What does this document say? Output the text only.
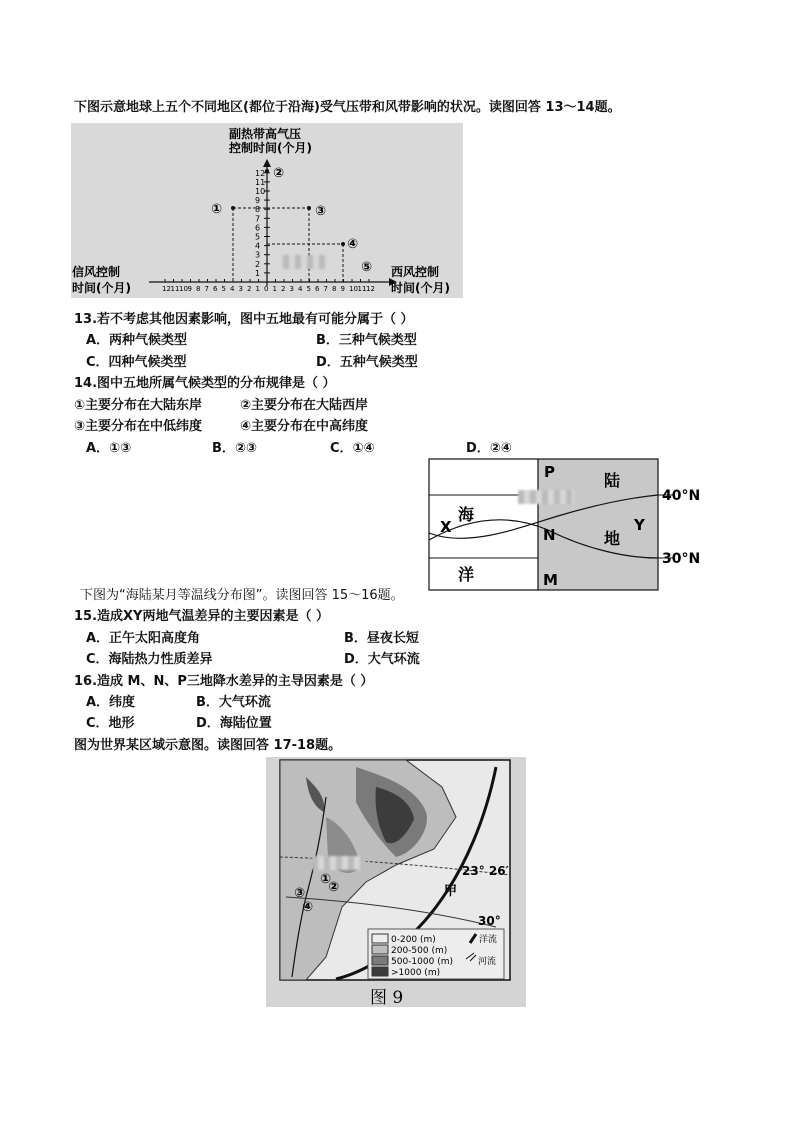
下图示意地球上五个不同地区(都位于沿海)受气压带和风带影响的状况。读图回答 13～14题。
12
11
10
9
8
7
6
5
4
3
2
1
12 11 10 9 8 7 6 5 4 3 2 1 0 1 2 3 4 5 6 7 8 9 10 11 12
①
②
③
④
⑤
副热带高气压
控制时间(个月)
信风控制
时间(个月)
西风控制
时间(个月)
13.若不考虑其他因素影响，图中五地最有可能分属于（ ）
A．两种气候类型	B．三种气候类型
C．四种气候类型	D．五种气候类型
14.图中五地所属气候类型的分布规律是（ ）
①主要分布在大陆东岸	②主要分布在大陆西岸
③主要分布在中低纬度	④主要分布在中高纬度
A．①③	B．②③	C．①④	D．②④
P
N
M
X	Y
海
洋
陆
地
40°N
30°N
下图为“海陆某月等温线分布图”。读图回答 15～16题。
15.造成XY两地气温差异的主要因素是（ ）
A．正午太阳高度角	B．昼夜长短
C．海陆热力性质差异	D．大气环流
16.造成 M、N、P三地降水差异的主导因素是（ ）
A．纬度	B．大气环流
C．地形	D．海陆位置
图为世界某区域示意图。读图回答 17-18题。
23° 26′
30°
甲
①
②
③
④
0-200 (m)
200-500 (m)
500-1000 (m)
>1000 (m)
洋流
河流
图 9
